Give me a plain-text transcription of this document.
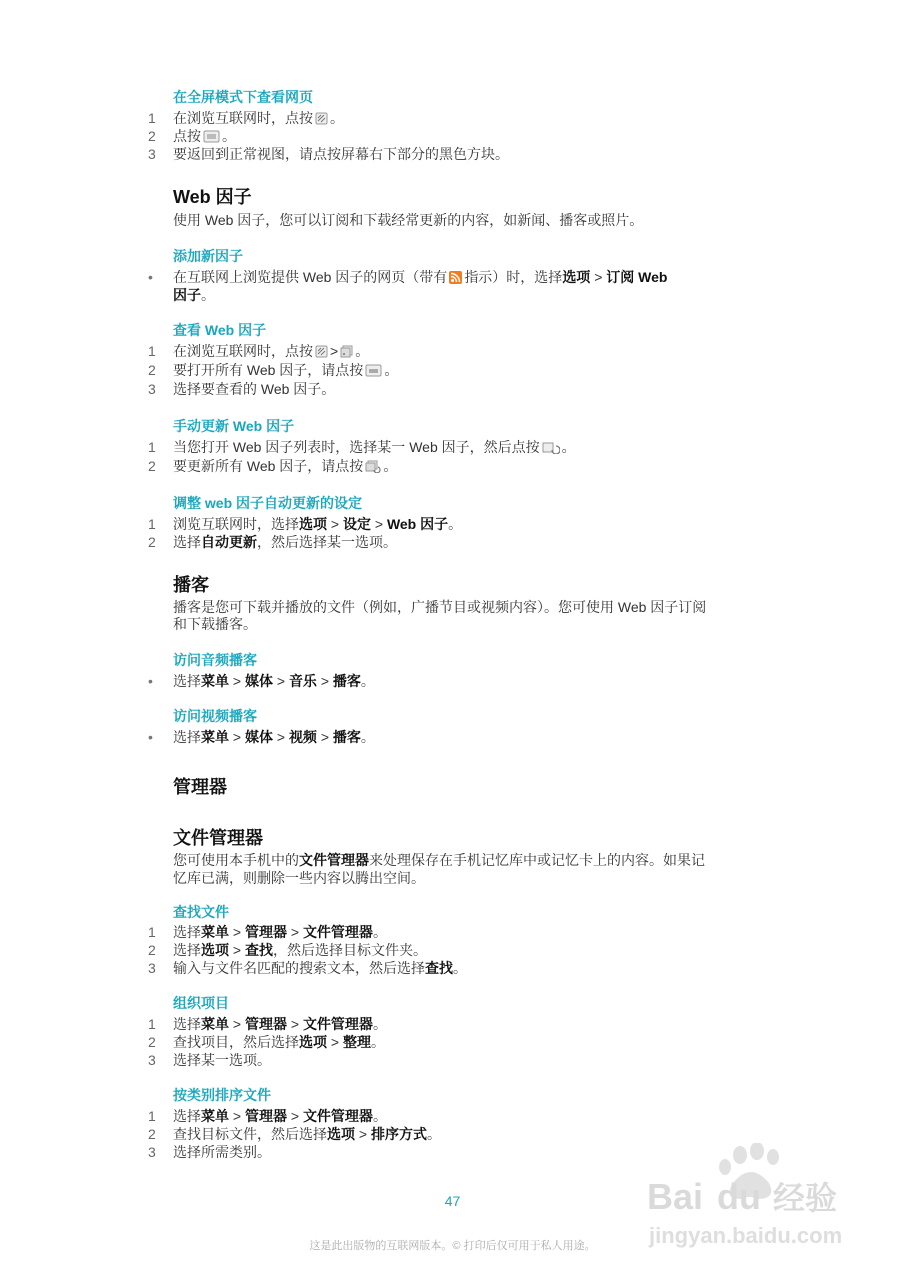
在全屏模式下查看网页
1 在浏览互联网时，点按 。
2 点按 。
3 要返回到正常视图，请点按屏幕右下部分的黑色方块。
Web 因子
使用 Web 因子，您可以订阅和下载经常更新的内容，如新闻、播客或照片。
添加新因子
• 在互联网上浏览提供 Web 因子的网页（带有 指示）时，选择选项 > 订阅 Web
因子。
查看 Web 因子
1 在浏览互联网时，点按 > 。
2 要打开所有 Web 因子，请点按 。
3 选择要查看的 Web 因子。
手动更新 Web 因子
1 当您打开 Web 因子列表时，选择某一 Web 因子，然后点按 。
2 要更新所有 Web 因子，请点按 。
调整 web 因子自动更新的设定
1 浏览互联网时，选择选项 > 设定 > Web 因子。
2 选择自动更新，然后选择某一选项。
播客
播客是您可下载并播放的文件（例如，广播节目或视频内容）。您可使用 Web 因子订阅
和下载播客。
访问音频播客
• 选择菜单 > 媒体 > 音乐 > 播客。
访问视频播客
• 选择菜单 > 媒体 > 视频 > 播客。
管理器
文件管理器
您可使用本手机中的文件管理器来处理保存在手机记忆库中或记忆卡上的内容。如果记
忆库已满，则删除一些内容以腾出空间。
查找文件
1 选择菜单 > 管理器 > 文件管理器。
2 选择选项 > 查找，然后选择目标文件夹。
3 输入与文件名匹配的搜索文本，然后选择查找。
组织项目
1 选择菜单 > 管理器 > 文件管理器。
2 查找项目，然后选择选项 > 整理。
3 选择某一选项。
按类别排序文件
1 选择菜单 > 管理器 > 文件管理器。
2 查找目标文件，然后选择选项 > 排序方式。
3 选择所需类别。
47
这是此出版物的互联网版本。© 打印后仅可用于私人用途。
Bai du 经验
jingyan.baidu.com
